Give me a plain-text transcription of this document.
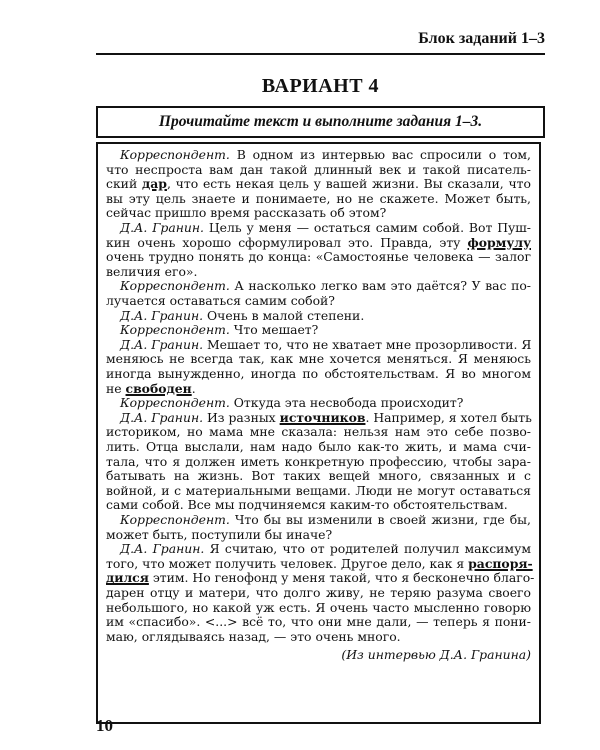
Блок заданий 1–3
ВАРИАНТ 4
Прочитайте текст и выполните задания 1–3.
Корреспондент. В одном из интервью вас спросили о том,
что неспроста вам дан такой длинный век и такой писатель-
ский дар, что есть некая цель у вашей жизни. Вы сказали, что
вы эту цель знаете и понимаете, но не скажете. Может быть,
сейчас пришло время рассказать об этом?
Д.А. Гранин. Цель у меня — остаться самим собой. Вот Пуш-
кин очень хорошо сформулировал это. Правда, эту формулу
очень трудно понять до конца: «Самостоянье человека — залог
величия его».
Корреспондент. А насколько легко вам это даётся? У вас по-
лучается оставаться самим собой?
Д.А. Гранин. Очень в малой степени.
Корреспондент. Что мешает?
Д.А. Гранин. Мешает то, что не хватает мне прозорливости. Я
меняюсь не всегда так, как мне хочется меняться. Я меняюсь
иногда вынужденно, иногда по обстоятельствам. Я во многом
не свободен.
Корреспондент. Откуда эта несвобода происходит?
Д.А. Гранин. Из разных источников. Например, я хотел быть
историком, но мама мне сказала: нельзя нам это себе позво-
лить. Отца выслали, нам надо было как-то жить, и мама счи-
тала, что я должен иметь конкретную профессию, чтобы зара-
батывать на жизнь. Вот таких вещей много, связанных и с
войной, и с материальными вещами. Люди не могут оставаться
сами собой. Все мы подчиняемся каким-то обстоятельствам.
Корреспондент. Что бы вы изменили в своей жизни, где бы,
может быть, поступили бы иначе?
Д.А. Гранин. Я считаю, что от родителей получил максимум
того, что может получить человек. Другое дело, как я распоря-
дился этим. Но генофонд у меня такой, что я бесконечно благо-
дарен отцу и матери, что долго живу, не теряю разума своего
небольшого, но какой уж есть. Я очень часто мысленно говорю
им «спасибо». <...> всё то, что они мне дали, — теперь я пони-
маю, оглядываясь назад, — это очень много.
(Из интервью Д.А. Гранина)
10
